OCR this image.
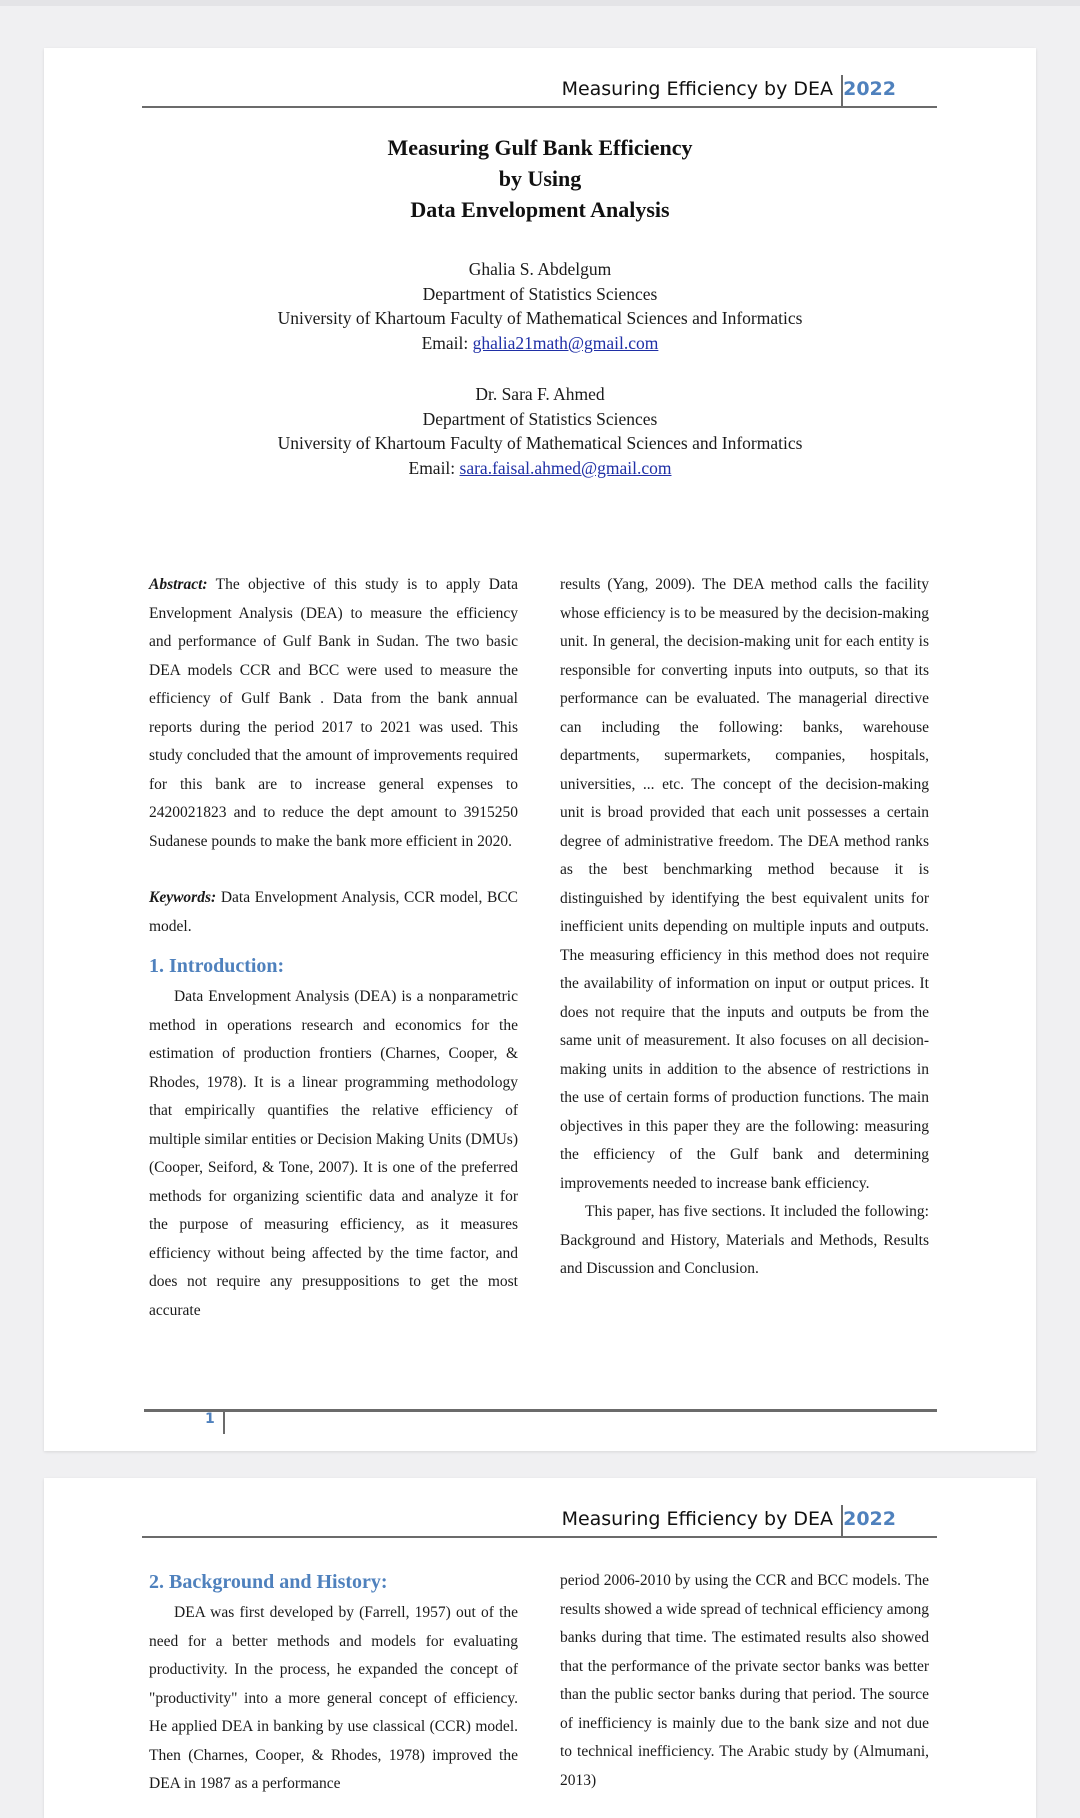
Measuring Efficiency by DEA 2022
Measuring Gulf Bank Efficiency
by Using
Data Envelopment Analysis
Ghalia S. Abdelgum
Department of Statistics Sciences
University of Khartoum Faculty of Mathematical Sciences and Informatics
Email: ghalia21math@gmail.com
Dr. Sara F. Ahmed
Department of Statistics Sciences
University of Khartoum Faculty of Mathematical Sciences and Informatics
Email: sara.faisal.ahmed@gmail.com

Abstract: The objective of this study is to apply Data Envelopment Analysis (DEA) to measure the efficiency and performance of Gulf Bank in Sudan. The two basic DEA models CCR and BCC were used to measure the efficiency of Gulf Bank . Data from the bank annual reports during the period 2017 to 2021 was used. This study concluded that the amount of improvements required for this bank are to increase general expenses to 2420021823 and to reduce the dept amount to 3915250 Sudanese pounds to make the bank more efficient in 2020.

Keywords: Data Envelopment Analysis, CCR model, BCC model.

1. Introduction:

Data Envelopment Analysis (DEA) is a nonparametric method in operations research and economics for the estimation of production frontiers (Charnes, Cooper, & Rhodes, 1978). It is a linear programming methodology that empirically quantifies the relative efficiency of multiple similar entities or Decision Making Units (DMUs) (Cooper, Seiford, & Tone, 2007). It is one of the preferred methods for organizing scientific data and analyze it for the purpose of measuring efficiency, as it measures efficiency without being affected by the time factor, and does not require any presuppositions to get the most accurate

results (Yang, 2009). The DEA method calls the facility whose efficiency is to be measured by the decision-making unit. In general, the decision-making unit for each entity is responsible for converting inputs into outputs, so that its performance can be evaluated. The managerial directive can including the following: banks, warehouse departments, supermarkets, companies, hospitals, universities, ... etc. The concept of the decision-making unit is broad provided that each unit possesses a certain degree of administrative freedom. The DEA method ranks as the best benchmarking method because it is distinguished by identifying the best equivalent units for inefficient units depending on multiple inputs and outputs. The measuring efficiency in this method does not require the availability of information on input or output prices. It does not require that the inputs and outputs be from the same unit of measurement. It also focuses on all decision-making units in addition to the absence of restrictions in the use of certain forms of production functions. The main objectives in this paper they are the following: measuring the efficiency of the Gulf bank and determining improvements needed to increase bank efficiency.

This paper, has five sections. It included the following: Background and History, Materials and Methods, Results and Discussion and Conclusion.

1
Measuring Efficiency by DEA 2022
2. Background and History:

DEA was first developed by (Farrell, 1957) out of the need for a better methods and models for evaluating productivity. In the process, he expanded the concept of "productivity" into a more general concept of efficiency. He applied DEA in banking by use classical (CCR) model. Then (Charnes, Cooper, & Rhodes, 1978) improved the DEA in 1987 as a performance

period 2006-2010 by using the CCR and BCC models. The results showed a wide spread of technical efficiency among banks during that time. The estimated results also showed that the performance of the private sector banks was better than the public sector banks during that period. The source of inefficiency is mainly due to the bank size and not due to technical inefficiency. The Arabic study by (Almumani, 2013)
